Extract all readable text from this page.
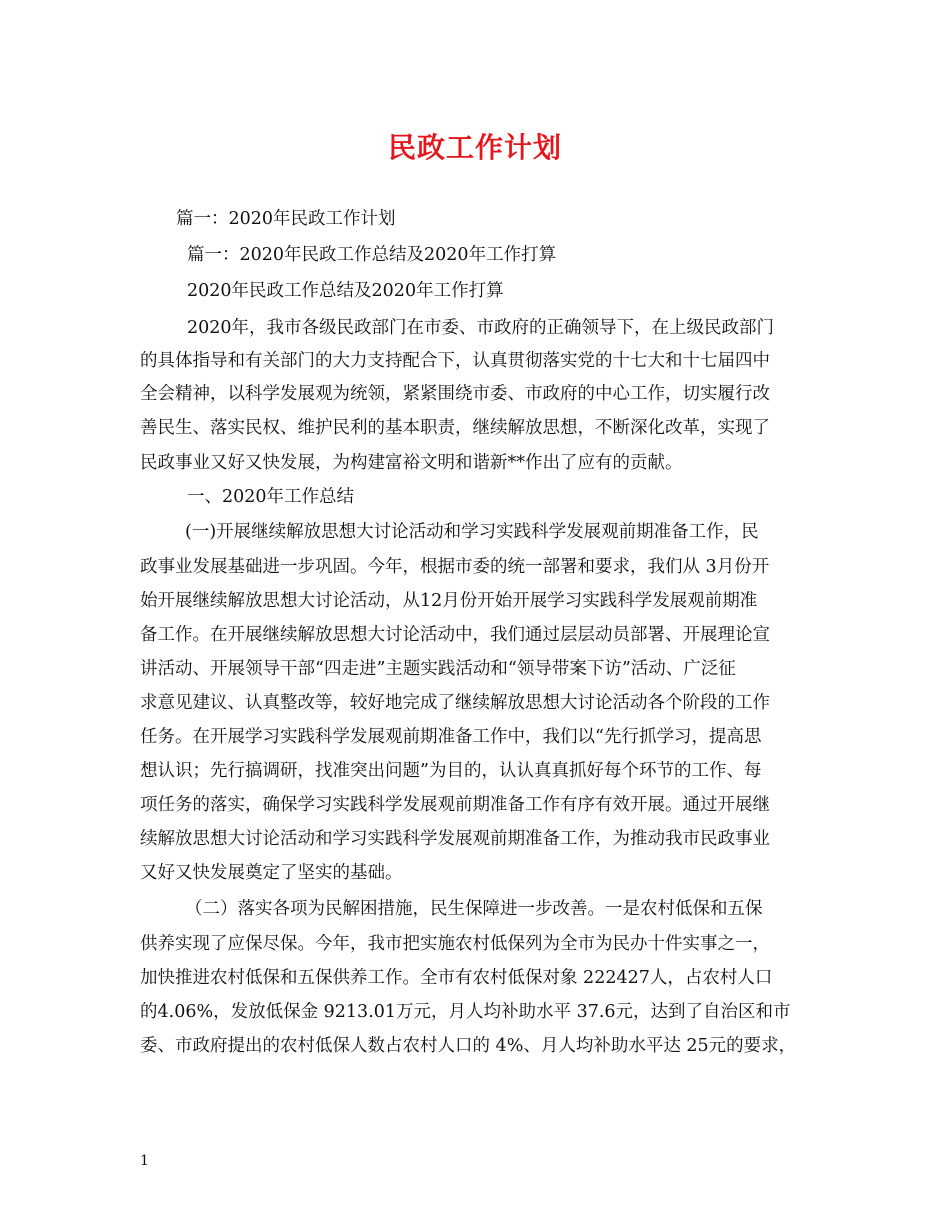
民政工作计划
篇一：2020年民政工作计划
篇一：2020年民政工作总结及2020年工作打算
2020年民政工作总结及2020年工作打算
2020年，我市各级民政部门在市委、市政府的正确领导下，在上级民政部门
的具体指导和有关部门的大力支持配合下，认真贯彻落实党的十七大和十七届四中
全会精神，以科学发展观为统领，紧紧围绕市委、市政府的中心工作，切实履行改
善民生、落实民权、维护民利的基本职责，继续解放思想，不断深化改革，实现了
民政事业又好又快发展，为构建富裕文明和谐新**作出了应有的贡献。
一、2020年工作总结
(一)开展继续解放思想大讨论活动和学习实践科学发展观前期准备工作，民
政事业发展基础进一步巩固。今年，根据市委的统一部署和要求，我们从 3月份开
始开展继续解放思想大讨论活动，从12月份开始开展学习实践科学发展观前期准
备工作。在开展继续解放思想大讨论活动中，我们通过层层动员部署、开展理论宣
讲活动、开展领导干部“四走进”主题实践活动和“领导带案下访”活动、广泛征
求意见建议、认真整改等，较好地完成了继续解放思想大讨论活动各个阶段的工作
任务。在开展学习实践科学发展观前期准备工作中，我们以“先行抓学习，提高思
想认识；先行搞调研，找准突出问题”为目的，认认真真抓好每个环节的工作、每
项任务的落实，确保学习实践科学发展观前期准备工作有序有效开展。通过开展继
续解放思想大讨论活动和学习实践科学发展观前期准备工作，为推动我市民政事业
又好又快发展奠定了坚实的基础。
（二）落实各项为民解困措施，民生保障进一步改善。一是农村低保和五保
供养实现了应保尽保。今年，我市把实施农村低保列为全市为民办十件实事之一，
加快推进农村低保和五保供养工作。全市有农村低保对象 222427人，占农村人口
的4.06%，发放低保金 9213.01万元，月人均补助水平 37.6元，达到了自治区和市
委、市政府提出的农村低保人数占农村人口的 4%、月人均补助水平达 25元的要求，
1
